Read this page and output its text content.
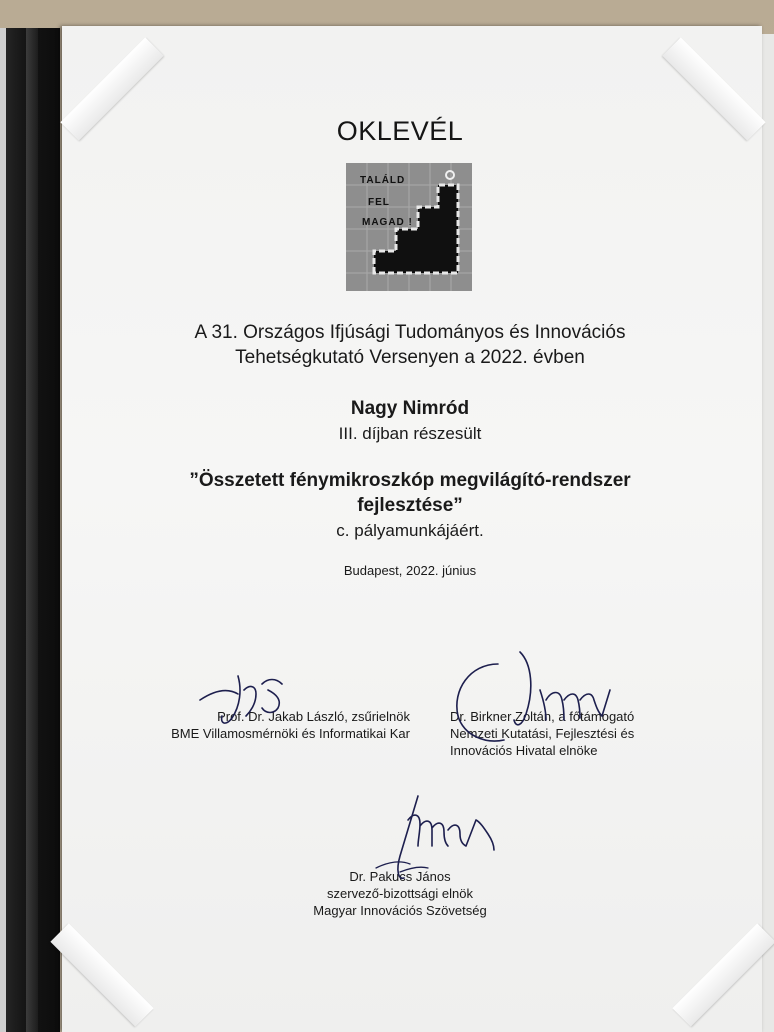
OKLEVÉL
TALÁLD
FEL
MAGAD !
A 31. Országos Ifjúsági Tudományos és Innovációs
Tehetségkutató Versenyen a 2022. évben
Nagy Nimród
III. díjban részesült
”Összetett fénymikroszkóp megvilágító-rendszer
fejlesztése”
c. pályamunkájáért.
Budapest, 2022. június
Prof. Dr. Jakab László, zsűrielnök
BME Villamosmérnöki és Informatikai Kar
Dr. Birkner Zoltán, a főtámogató
Nemzeti Kutatási, Fejlesztési és
Innovációs Hivatal elnöke
Dr. Pakucs János
szervező-bizottsági elnök
Magyar Innovációs Szövetség
